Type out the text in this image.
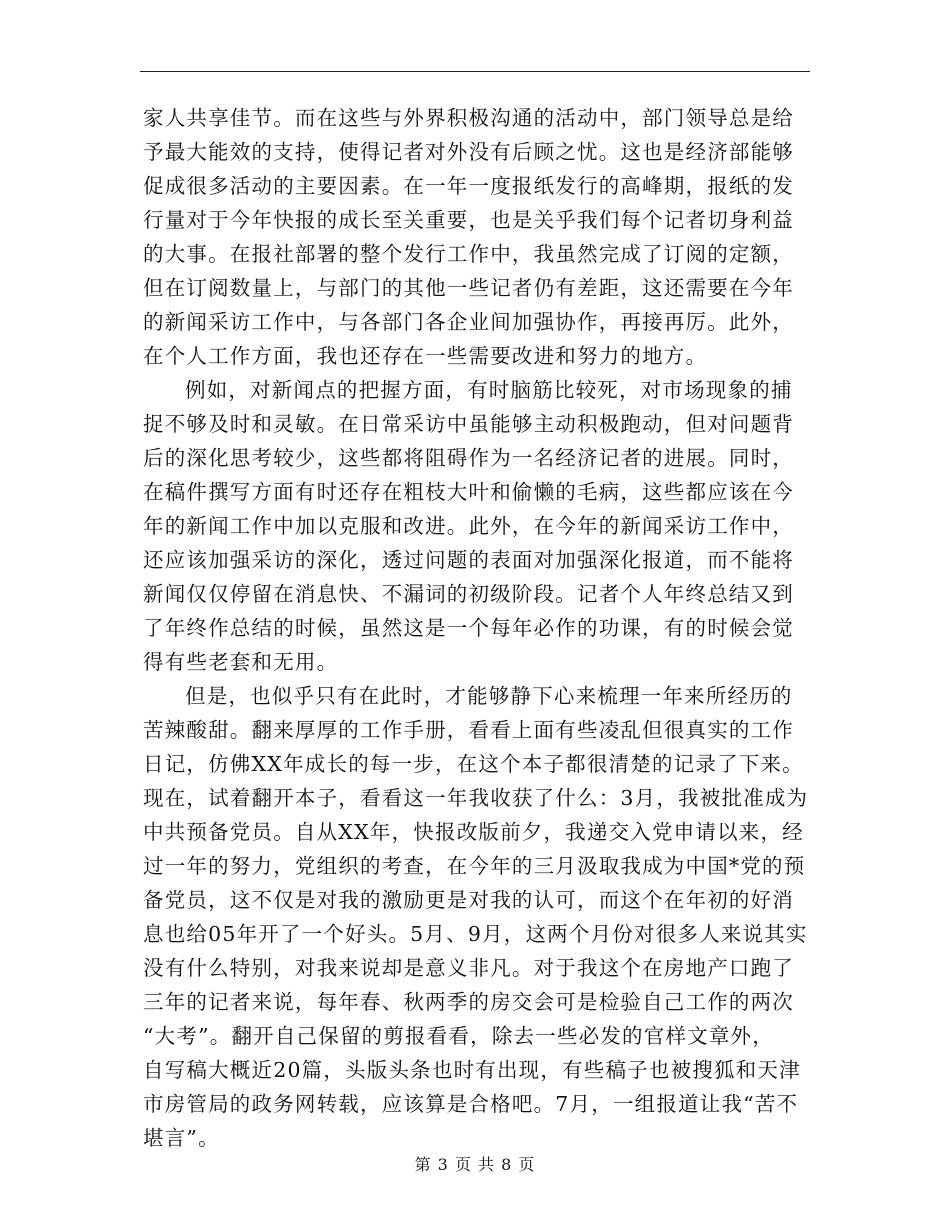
家人共享佳节。而在这些与外界积极沟通的活动中，部门领导总是给
予最大能效的支持，使得记者对外没有后顾之忧。这也是经济部能够
促成很多活动的主要因素。在一年一度报纸发行的高峰期，报纸的发
行量对于今年快报的成长至关重要，也是关乎我们每个记者切身利益
的大事。在报社部署的整个发行工作中，我虽然完成了订阅的定额，
但在订阅数量上，与部门的其他一些记者仍有差距，这还需要在今年
的新闻采访工作中，与各部门各企业间加强协作，再接再厉。此外，
在个人工作方面，我也还存在一些需要改进和努力的地方。
例如，对新闻点的把握方面，有时脑筋比较死，对市场现象的捕
捉不够及时和灵敏。在日常采访中虽能够主动积极跑动，但对问题背
后的深化思考较少，这些都将阻碍作为一名经济记者的进展。同时，
在稿件撰写方面有时还存在粗枝大叶和偷懒的毛病，这些都应该在今
年的新闻工作中加以克服和改进。此外，在今年的新闻采访工作中，
还应该加强采访的深化，透过问题的表面对加强深化报道，而不能将
新闻仅仅停留在消息快、不漏词的初级阶段。记者个人年终总结又到
了年终作总结的时候，虽然这是一个每年必作的功课，有的时候会觉
得有些老套和无用。
但是，也似乎只有在此时，才能够静下心来梳理一年来所经历的
苦辣酸甜。翻来厚厚的工作手册，看看上面有些凌乱但很真实的工作
日记，仿佛XX年成长的每一步，在这个本子都很清楚的记录了下来。
现在，试着翻开本子，看看这一年我收获了什么：3月，我被批准成为
中共预备党员。自从XX年，快报改版前夕，我递交入党申请以来，经
过一年的努力，党组织的考查，在今年的三月汲取我成为中国*党的预
备党员，这不仅是对我的激励更是对我的认可，而这个在年初的好消
息也给05年开了一个好头。5月、9月，这两个月份对很多人来说其实
没有什么特别，对我来说却是意义非凡。对于我这个在房地产口跑了
三年的记者来说，每年春、秋两季的房交会可是检验自己工作的两次
“大考”。翻开自己保留的剪报看看，除去一些必发的官样文章外，
自写稿大概近20篇，头版头条也时有出现，有些稿子也被搜狐和天津
市房管局的政务网转载，应该算是合格吧。7月，一组报道让我“苦不
堪言”。
第 3 页 共 8 页
